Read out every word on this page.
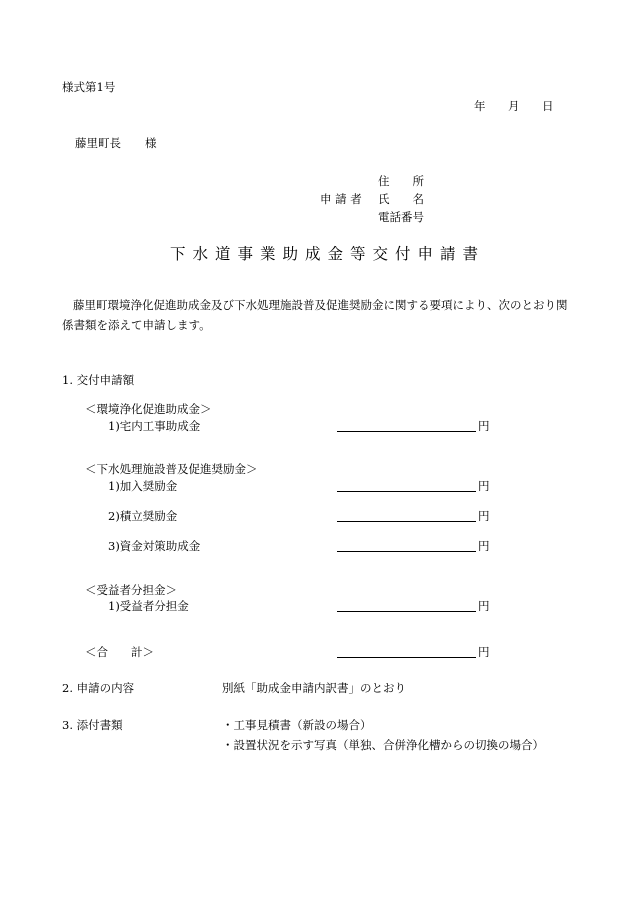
様式第1号
年 月 日
藤里町長 様
住　　所
申 請 者 氏　　名
電話番号
下水道事業助成金等交付申請書
藤里町環境浄化促進助成金及び下水処理施設普及促進奨励金に関する要項により、次のとおり関
係書類を添えて申請します。
1. 交付申請額
＜環境浄化促進助成金＞
1)宅内工事助成金	円
＜下水処理施設普及促進奨励金＞
1)加入奨励金	円
2)積立奨励金	円
3)資金対策助成金	円
＜受益者分担金＞
1)受益者分担金	円
＜合　　計＞	円
2. 申請の内容	別紙「助成金申請内訳書」のとおり
3. 添付書類	・工事見積書（新設の場合）
・設置状況を示す写真（単独、合併浄化槽からの切換の場合）
